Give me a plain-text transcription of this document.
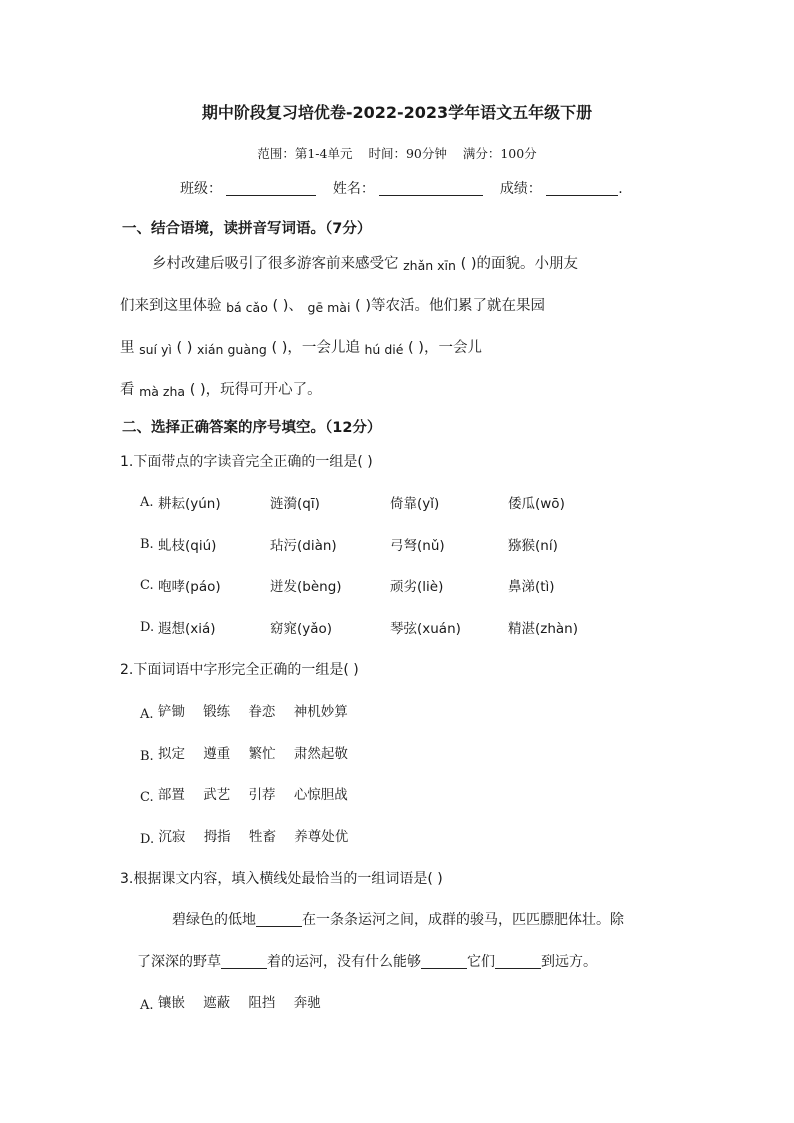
期中阶段复习培优卷-2022-2023学年语文五年级下册
范围：第1-4单元 时间：90分钟 满分：100分
班级：	姓名：	成绩：	.
一、结合语境，读拼音写词语。（7分）
乡村改建后吸引了很多游客前来感受它 zhǎn xīn ( )的面貌。小朋友
们来到这里体验 bá cǎo ( )、 gē mài ( )等农活。他们累了就在果园
里 suí yì ( ) xián guàng ( )，一会儿追 hú dié ( )，一会儿
看 mà zha ( )，玩得可开心了。
二、选择正确答案的序号填空。（12分）
1.下面带点的字读音完全正确的一组是( )
A. 耕耘(yún)	涟漪(qī)	倚靠(yǐ)	倭瓜(wō)
B. 虬枝(qiú)	玷污(diàn)	弓弩(nǔ)	猕猴(ní)
C. 咆哮(páo)	迸发(bèng)	顽劣(liè)	鼻涕(tì)
D. 遐想(xiá)	窈窕(yǎo)	琴弦(xuán)	精湛(zhàn)
2.下面词语中字形完全正确的一组是( )
A. 铲锄 锻练 眷恋 神机妙算
B. 拟定 遵重 繁忙 肃然起敬
C. 部置 武艺 引荐 心惊胆战
D. 沉寂 拇指 牲畜 养尊处优
3.根据课文内容，填入横线处最恰当的一组词语是( )
碧绿色的低地	在一条条运河之间，成群的骏马，匹匹膘肥体壮。除
了深深的野草	着的运河，没有什么能够	它们	到远方。
A. 镶嵌 遮蔽 阻挡 奔驰
